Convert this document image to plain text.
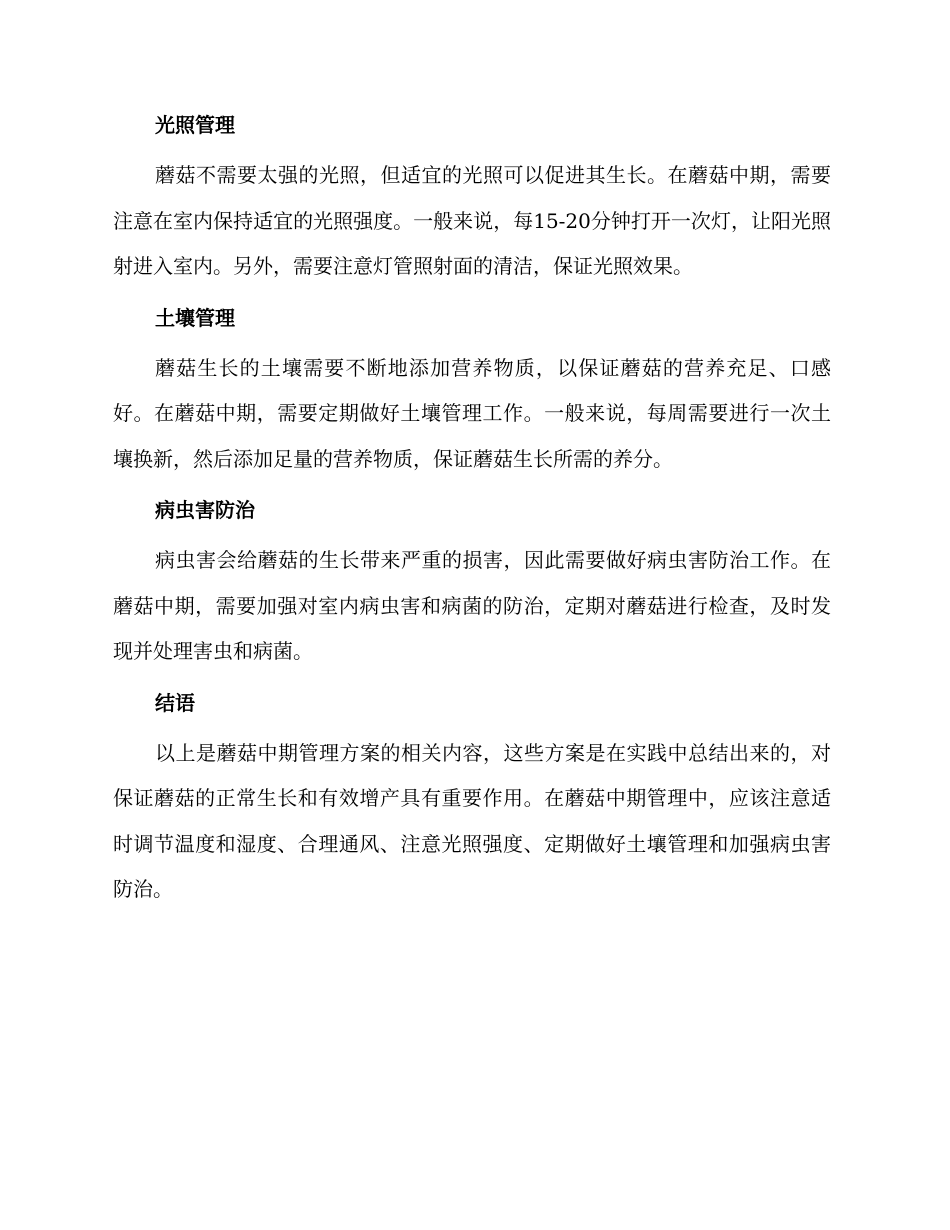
光照管理

蘑菇不需要太强的光照，但适宜的光照可以促进其生长。在蘑菇中期，需要注意在室内保持适宜的光照强度。一般来说，每15-20分钟打开一次灯，让阳光照射进入室内。另外，需要注意灯管照射面的清洁，保证光照效果。

土壤管理

蘑菇生长的土壤需要不断地添加营养物质，以保证蘑菇的营养充足、口感好。在蘑菇中期，需要定期做好土壤管理工作。一般来说，每周需要进行一次土壤换新，然后添加足量的营养物质，保证蘑菇生长所需的养分。

病虫害防治

病虫害会给蘑菇的生长带来严重的损害，因此需要做好病虫害防治工作。在蘑菇中期，需要加强对室内病虫害和病菌的防治，定期对蘑菇进行检查，及时发现并处理害虫和病菌。

结语

以上是蘑菇中期管理方案的相关内容，这些方案是在实践中总结出来的，对保证蘑菇的正常生长和有效增产具有重要作用。在蘑菇中期管理中，应该注意适时调节温度和湿度、合理通风、注意光照强度、定期做好土壤管理和加强病虫害防治。
